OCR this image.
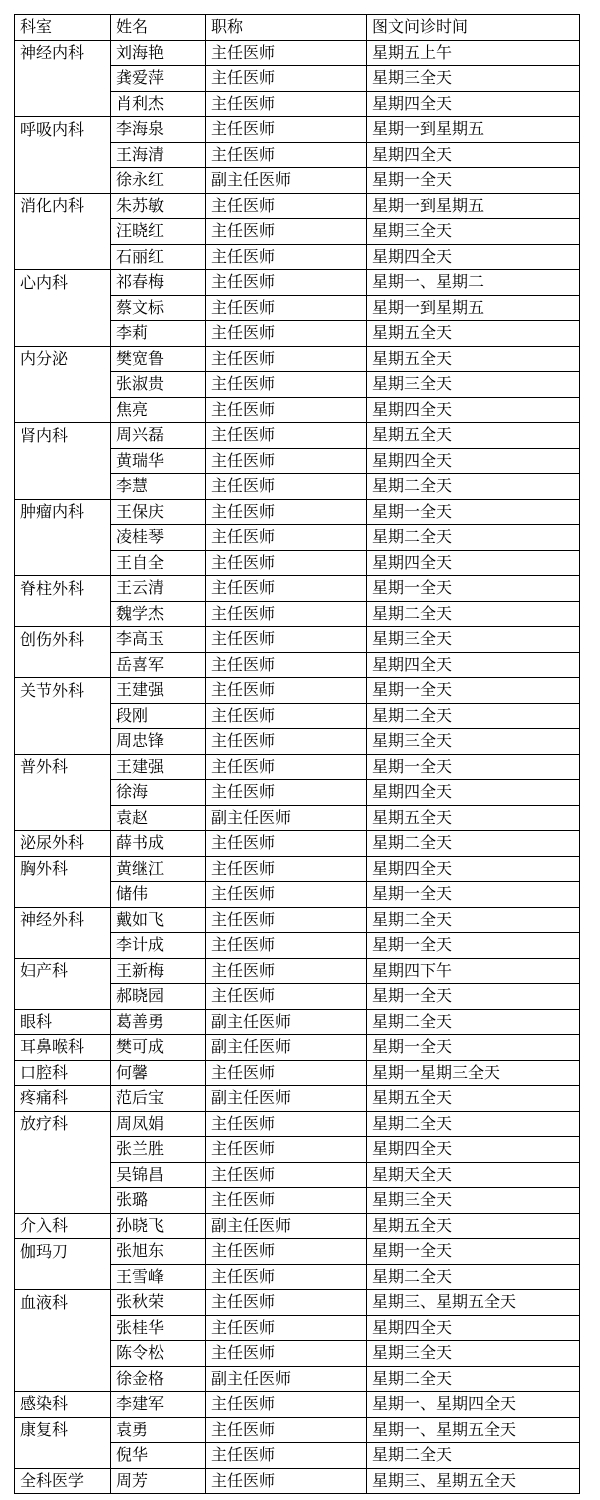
科室	姓名	职称	图文问诊时间
神经内科	刘海艳	主任医师	星期五上午
	龚爱萍	主任医师	星期三全天
	肖利杰	主任医师	星期四全天
呼吸内科	李海泉	主任医师	星期一到星期五
	王海清	主任医师	星期四全天
	徐永红	副主任医师	星期一全天
消化内科	朱苏敏	主任医师	星期一到星期五
	汪晓红	主任医师	星期三全天
	石丽红	主任医师	星期四全天
心内科	祁春梅	主任医师	星期一、星期二
	蔡文标	主任医师	星期一到星期五
	李莉	主任医师	星期五全天
内分泌	樊宽鲁	主任医师	星期五全天
	张淑贵	主任医师	星期三全天
	焦亮	主任医师	星期四全天
肾内科	周兴磊	主任医师	星期五全天
	黄瑞华	主任医师	星期四全天
	李慧	主任医师	星期二全天
肿瘤内科	王保庆	主任医师	星期一全天
	凌桂琴	主任医师	星期二全天
	王自全	主任医师	星期四全天
脊柱外科	王云清	主任医师	星期一全天
	魏学杰	主任医师	星期二全天
创伤外科	李高玉	主任医师	星期三全天
	岳喜军	主任医师	星期四全天
关节外科	王建强	主任医师	星期一全天
	段刚	主任医师	星期二全天
	周忠锋	主任医师	星期三全天
普外科	王建强	主任医师	星期一全天
	徐海	主任医师	星期四全天
	袁赵	副主任医师	星期五全天
泌尿外科	薛书成	主任医师	星期二全天
胸外科	黄继江	主任医师	星期四全天
	储伟	主任医师	星期一全天
神经外科	戴如飞	主任医师	星期二全天
	李计成	主任医师	星期一全天
妇产科	王新梅	主任医师	星期四下午
	郝晓园	主任医师	星期一全天
眼科	葛善勇	副主任医师	星期二全天
耳鼻喉科	樊可成	副主任医师	星期一全天
口腔科	何馨	主任医师	星期一星期三全天
疼痛科	范后宝	副主任医师	星期五全天
放疗科	周凤娟	主任医师	星期二全天
	张兰胜	主任医师	星期四全天
	吴锦昌	主任医师	星期天全天
	张璐	主任医师	星期三全天
介入科	孙晓飞	副主任医师	星期五全天
伽玛刀	张旭东	主任医师	星期一全天
	王雪峰	主任医师	星期二全天
血液科	张秋荣	主任医师	星期三、星期五全天
	张桂华	主任医师	星期四全天
	陈令松	主任医师	星期三全天
	徐金格	副主任医师	星期二全天
感染科	李建军	主任医师	星期一、星期四全天
康复科	袁勇	主任医师	星期一、星期五全天
	倪华	主任医师	星期二全天
全科医学	周芳	主任医师	星期三、星期五全天
